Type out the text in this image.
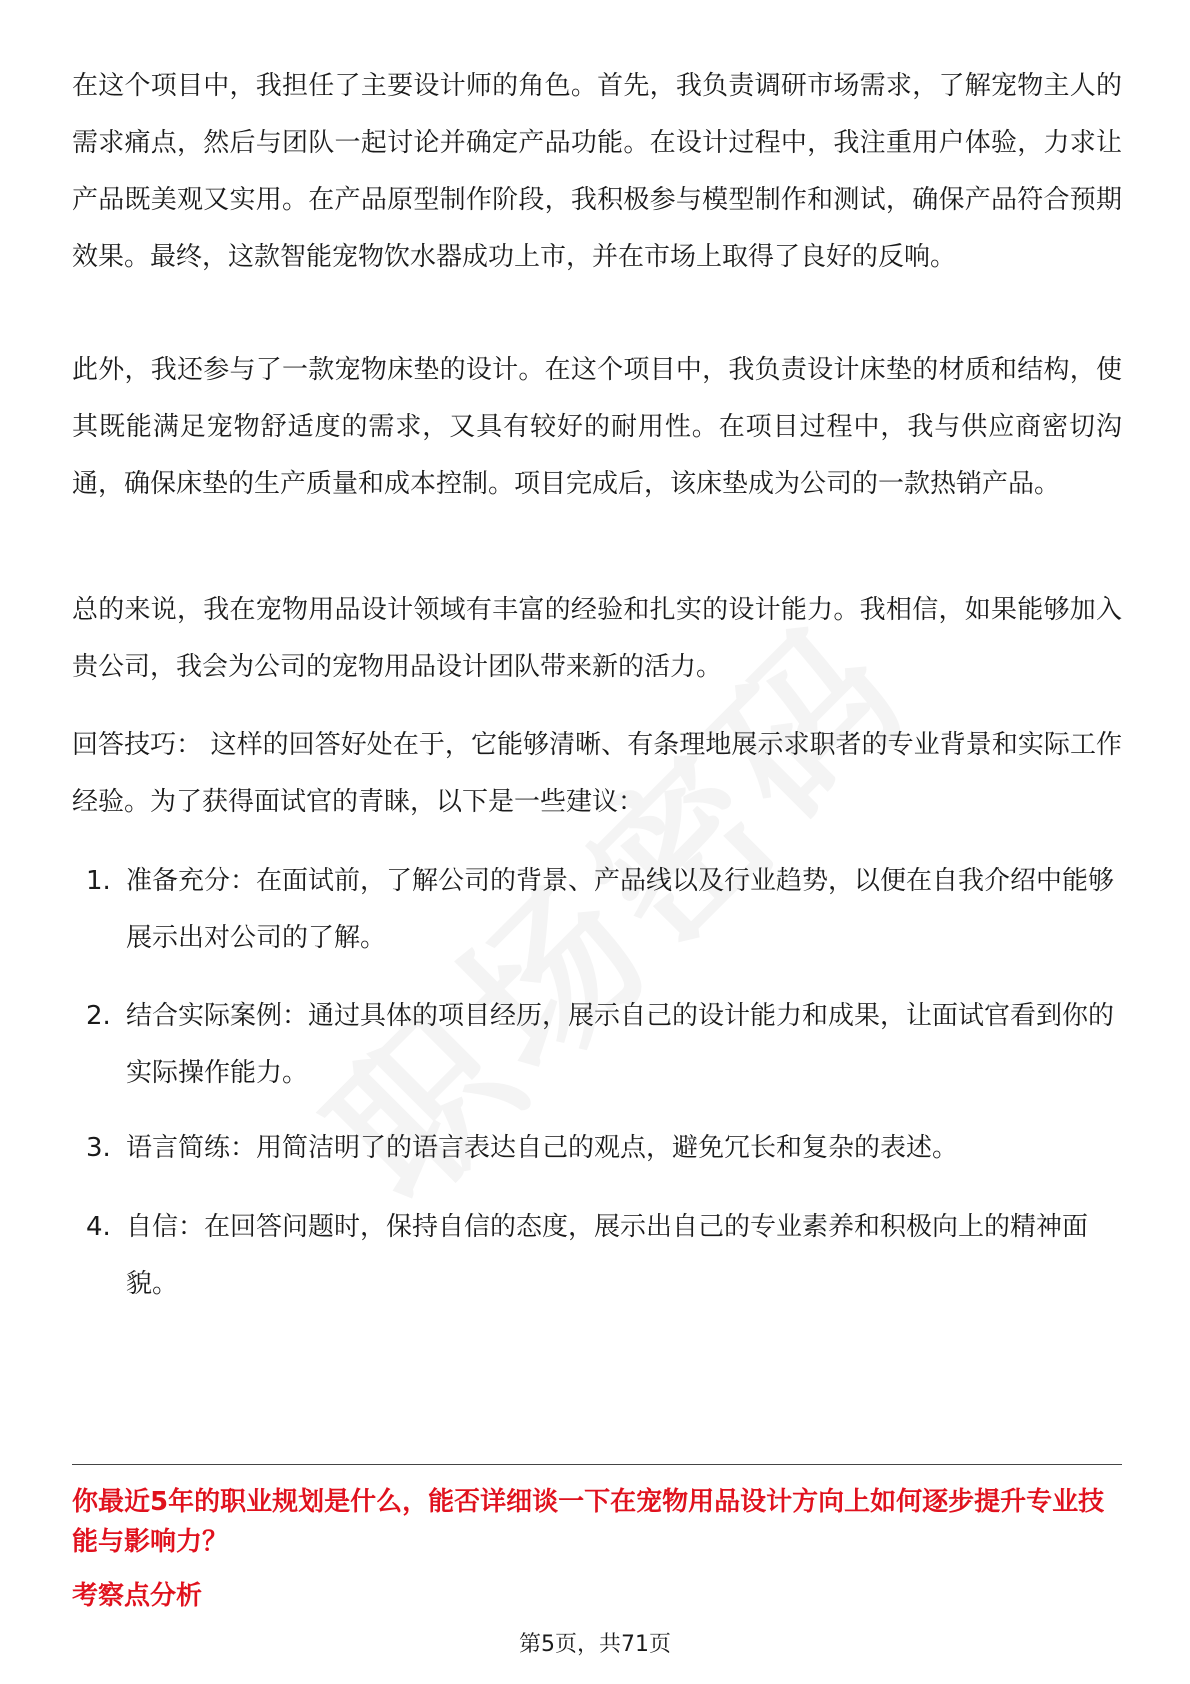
在这个项目中，我担任了主要设计师的角色。首先，我负责调研市场需求，了解宠物主人的需求痛点，然后与团队一起讨论并确定产品功能。在设计过程中，我注重用户体验，力求让产品既美观又实用。在产品原型制作阶段，我积极参与模型制作和测试，确保产品符合预期效果。最终，这款智能宠物饮水器成功上市，并在市场上取得了良好的反响。

此外，我还参与了一款宠物床垫的设计。在这个项目中，我负责设计床垫的材质和结构，使其既能满足宠物舒适度的需求，又具有较好的耐用性。在项目过程中，我与供应商密切沟通，确保床垫的生产质量和成本控制。项目完成后，该床垫成为公司的一款热销产品。

总的来说，我在宠物用品设计领域有丰富的经验和扎实的设计能力。我相信，如果能够加入贵公司，我会为公司的宠物用品设计团队带来新的活力。

回答技巧： 这样的回答好处在于，它能够清晰、有条理地展示求职者的专业背景和实际工作经验。为了获得面试官的青睐，以下是一些建议：

1. 准备充分：在面试前，了解公司的背景、产品线以及行业趋势，以便在自我介绍中能够展示出对公司的了解。
2. 结合实际案例：通过具体的项目经历，展示自己的设计能力和成果，让面试官看到你的实际操作能力。
3. 语言简练：用简洁明了的语言表达自己的观点，避免冗长和复杂的表述。
4. 自信：在回答问题时，保持自信的态度，展示出自己的专业素养和积极向上的精神面貌。
你最近5年的职业规划是什么，能否详细谈一下在宠物用品设计方向上如何逐步提升专业技能与影响力？
考察点分析
第5页，共71页
